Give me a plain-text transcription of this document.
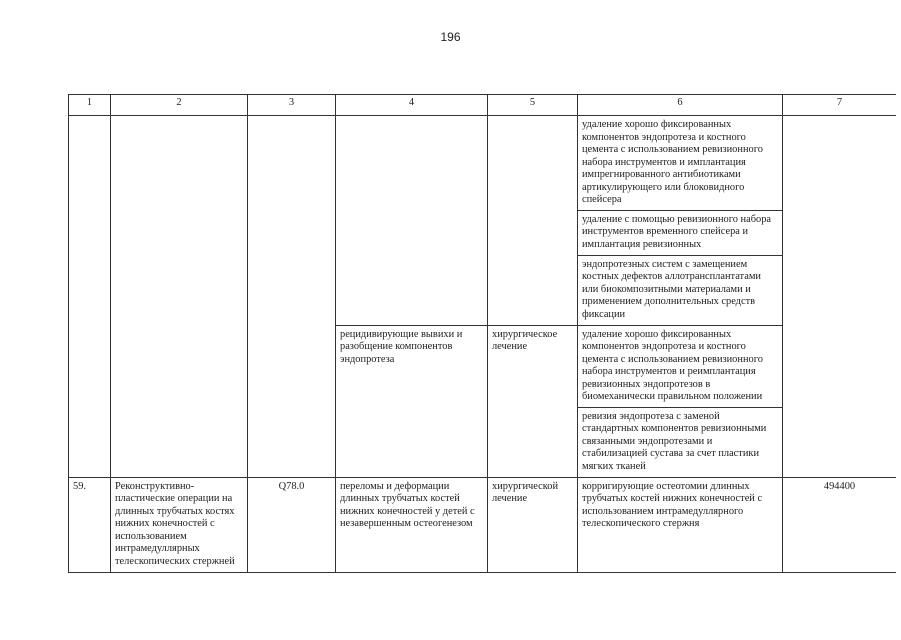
196
1	2	3	4	5	6	7
					удаление хорошо фиксированных компонентов эндопротеза и костного цемента с использованием ревизионного набора инструментов и имплантация импрегнированного антибиотиками артикулирующего или блоковидного спейсера	
					удаление с помощью ревизионного набора инструментов временного спейсера и имплантация ревизионных	
					эндопротезных систем с замещением костных дефектов аллотрансплантатами или биокомпозитными материалами и применением дополнительных средств фиксации	
			рецидивирующие вывихи и разобщение компонентов эндопротеза	хирургическое лечение	удаление хорошо фиксированных компонентов эндопротеза и костного цемента с использованием ревизионного набора инструментов и реимплантация ревизионных эндопротезов в биомеханически правильном положении	
					ревизия эндопротеза с заменой стандартных компонентов ревизионными связанными эндопротезами и стабилизацией сустава за счет пластики мягких тканей	
59.	Реконструктивно-пластические операции на длинных трубчатых костях нижних конечностей с использованием интрамедуллярных телескопических стержней	Q78.0	переломы и деформации длинных трубчатых костей нижних конечностей у детей с незавершенным остеогенезом	хирургической лечение	корригирующие остеотомии длинных трубчатых костей нижних конечностей с использованием интрамедуллярного телескопического стержня	494400
